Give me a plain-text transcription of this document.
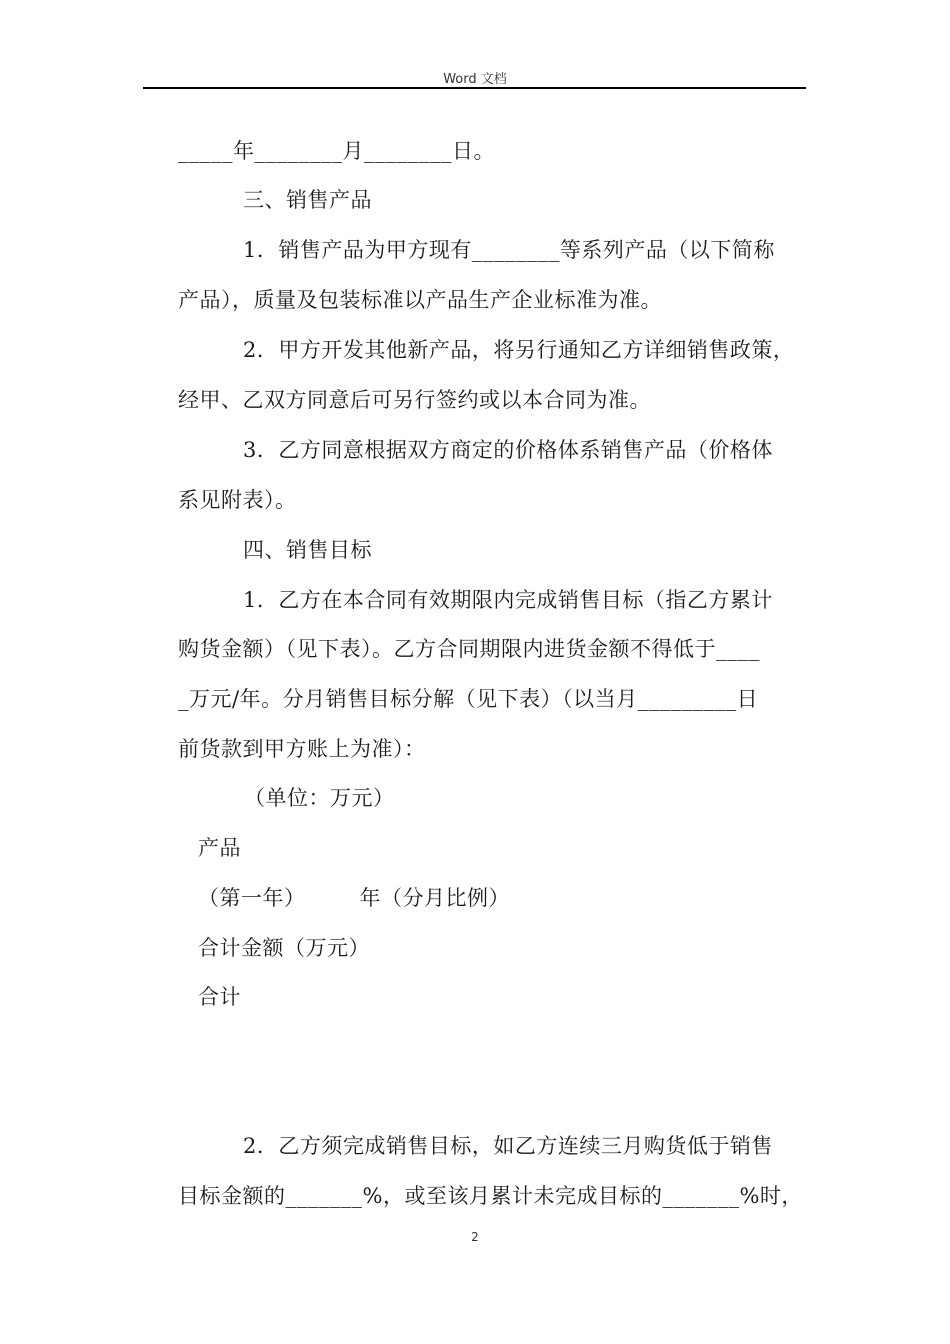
Word 文档
_____年________月________日。
三、销售产品
1．销售产品为甲方现有________等系列产品（以下简称
产品），质量及包装标准以产品生产企业标准为准。
2．甲方开发其他新产品，将另行通知乙方详细销售政策，
经甲、乙双方同意后可另行签约或以本合同为准。
3．乙方同意根据双方商定的价格体系销售产品（价格体
系见附表）。
四、销售目标
1．乙方在本合同有效期限内完成销售目标（指乙方累计
购货金额）（见下表）。乙方合同期限内进货金额不得低于____
_万元/年。分月销售目标分解（见下表）（以当月_________日
前货款到甲方账上为准）：
（单位：万元）
产品
（第一年）　　　年（分月比例）
合计金额（万元）
合计
2．乙方须完成销售目标，如乙方连续三月购货低于销售
目标金额的_______%，或至该月累计未完成目标的_______%时，
2
